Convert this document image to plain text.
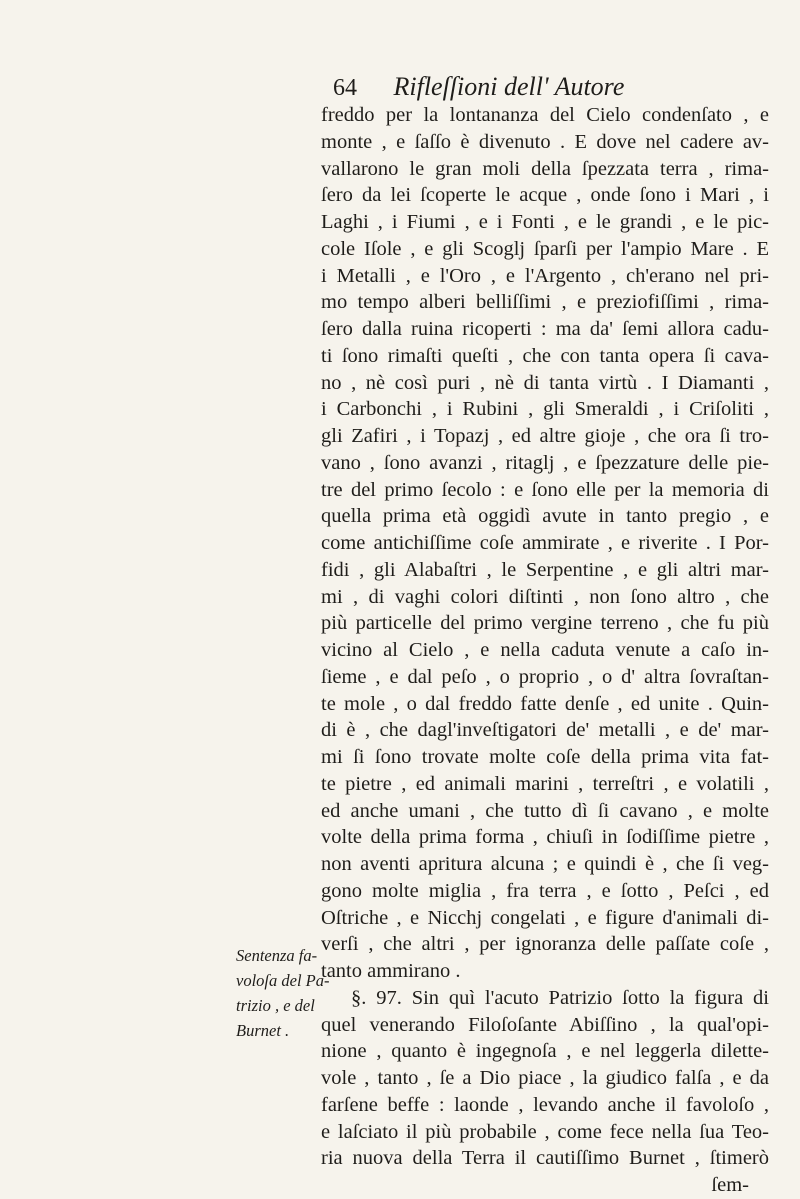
64 Rifleſſioni dell' Autore
freddo per la lontananza del Cielo condenſato , e
monte , e ſaſſo è divenuto . E dove nel cadere av-
vallarono le gran moli della ſpezzata terra , rima-
ſero da lei ſcoperte le acque , onde ſono i Mari , i
Laghi , i Fiumi , e i Fonti , e le grandi , e le pic-
cole Iſole , e gli Scoglj ſparſi per l'ampio Mare . E
i Metalli , e l'Oro , e l'Argento , ch'erano nel pri-
mo tempo alberi belliſſimi , e preziofiſſimi , rima-
ſero dalla ruina ricoperti : ma da' ſemi allora cadu-
ti ſono rimaſti queſti , che con tanta opera ſi cava-
no , nè così puri , nè di tanta virtù . I Diamanti ,
i Carbonchi , i Rubini , gli Smeraldi , i Criſoliti ,
gli Zafiri , i Topazj , ed altre gioje , che ora ſi tro-
vano , ſono avanzi , ritaglj , e ſpezzature delle pie-
tre del primo ſecolo : e ſono elle per la memoria di
quella prima età oggidì avute in tanto pregio , e
come antichiſſime coſe ammirate , e riverite . I Por-
fidi , gli Alabaſtri , le Serpentine , e gli altri mar-
mi , di vaghi colori diſtinti , non ſono altro , che
più particelle del primo vergine terreno , che fu più
vicino al Cielo , e nella caduta venute a caſo in-
ſieme , e dal peſo , o proprio , o d' altra ſovraſtan-
te mole , o dal freddo fatte denſe , ed unite . Quin-
di è , che dagl'inveſtigatori de' metalli , e de' mar-
mi ſi ſono trovate molte coſe della prima vita fat-
te pietre , ed animali marini , terreſtri , e volatili ,
ed anche umani , che tutto dì ſi cavano , e molte
volte della prima forma , chiuſi in ſodiſſime pietre ,
non aventi apritura alcuna ; e quindi è , che ſi veg-
gono molte miglia , fra terra , e ſotto , Peſci , ed
Oſtriche , e Nicchj congelati , e figure d'animali di-
verſi , che altri , per ignoranza delle paſſate coſe ,
tanto ammirano .
§. 97. Sin quì l'acuto Patrizio ſotto la figura di
quel venerando Filoſoſante Abiſſino , la qual'opi-
nione , quanto è ingegnoſa , e nel leggerla dilette-
vole , tanto , ſe a Dio piace , la giudico falſa , e da
farſene beffe : laonde , levando anche il favoloſo ,
e laſciato il più probabile , come fece nella ſua Teo-
ria nuova della Terra il cautiſſimo Burnet , ſtimerò
ſem-
Sentenza fa-
voloſa del Pa-
trizio , e del
Burnet .
